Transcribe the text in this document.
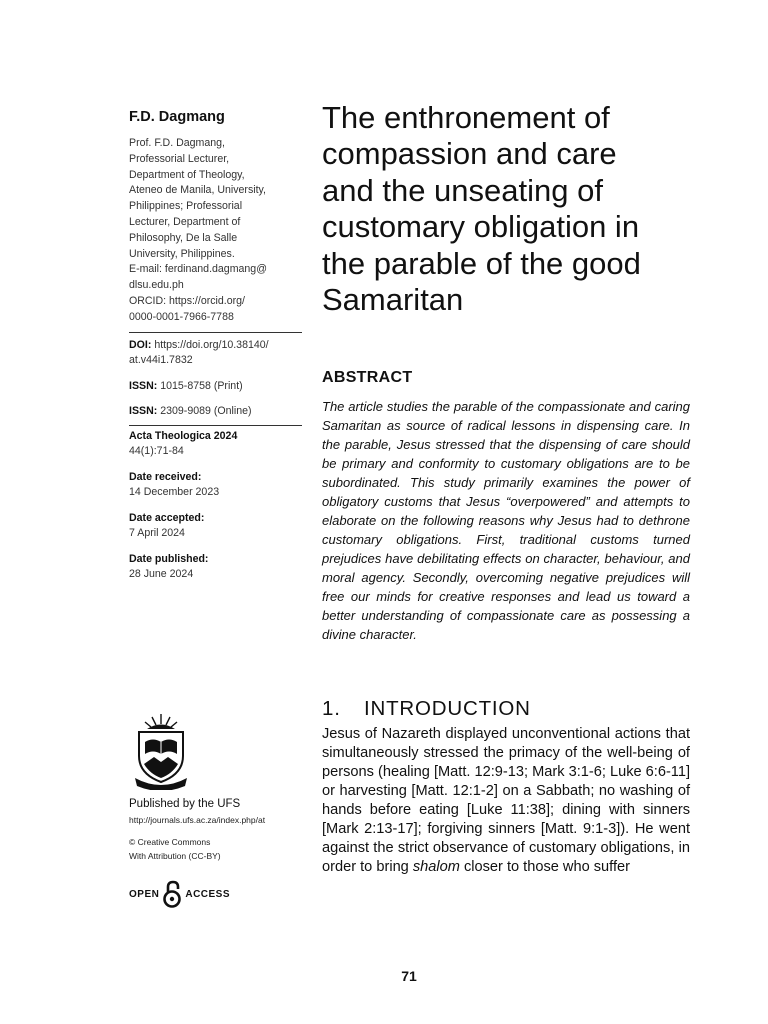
F.D. Dagmang
Prof. F.D. Dagmang,
Professorial Lecturer,
Department of Theology,
Ateneo de Manila, University,
Philippines; Professorial
Lecturer, Department of
Philosophy, De la Salle
University, Philippines.
E-mail: ferdinand.dagmang@
dlsu.edu.ph
ORCID: https://orcid.org/
0000-0001-7966-7788
DOI: https://doi.org/10.38140/
at.v44i1.7832
ISSN: 1015-8758 (Print)
ISSN: 2309-9089 (Online)
Acta Theologica 2024
44(1):71-84
Date received:
14 December 2023
Date accepted:
7 April 2024
Date published:
28 June 2024
Published by the UFS
http://journals.ufs.ac.za/index.php/at
© Creative Commons
With Attribution (CC-BY)
OPEN	ACCESS
The enthronement of
compassion and care
and the unseating of
customary obligation in
the parable of the good
Samaritan
ABSTRACT

The article studies the parable of the compassionate and caring Samaritan as source of radical lessons in dispensing care. In the parable, Jesus stressed that the dispensing of care should be primary and conformity to customary obligations are to be subordinated. This study primarily examines the power of obligatory customs that Jesus “overpowered” and attempts to elaborate on the following reasons why Jesus had to dethrone customary obligations. First, traditional customs turned prejudices have debilitating effects on character, behaviour, and moral agency. Secondly, overcoming negative prejudices will free our minds for creative responses and lead us toward a better understanding of compassionate care as possessing a divine character.

1. INTRODUCTION

Jesus of Nazareth displayed unconventional actions that simultaneously stressed the primacy of the well-being of persons (healing [Matt. 12:9-13; Mark 3:1-6; Luke 6:6-11] or harvesting [Matt. 12:1-2] on a Sabbath; no washing of hands before eating [Luke 11:38]; dining with sinners [Mark 2:13-17]; forgiving sinners [Matt. 9:1-3]). He went against the strict observance of customary obligations, in order to bring shalom closer to those who suffer

71
